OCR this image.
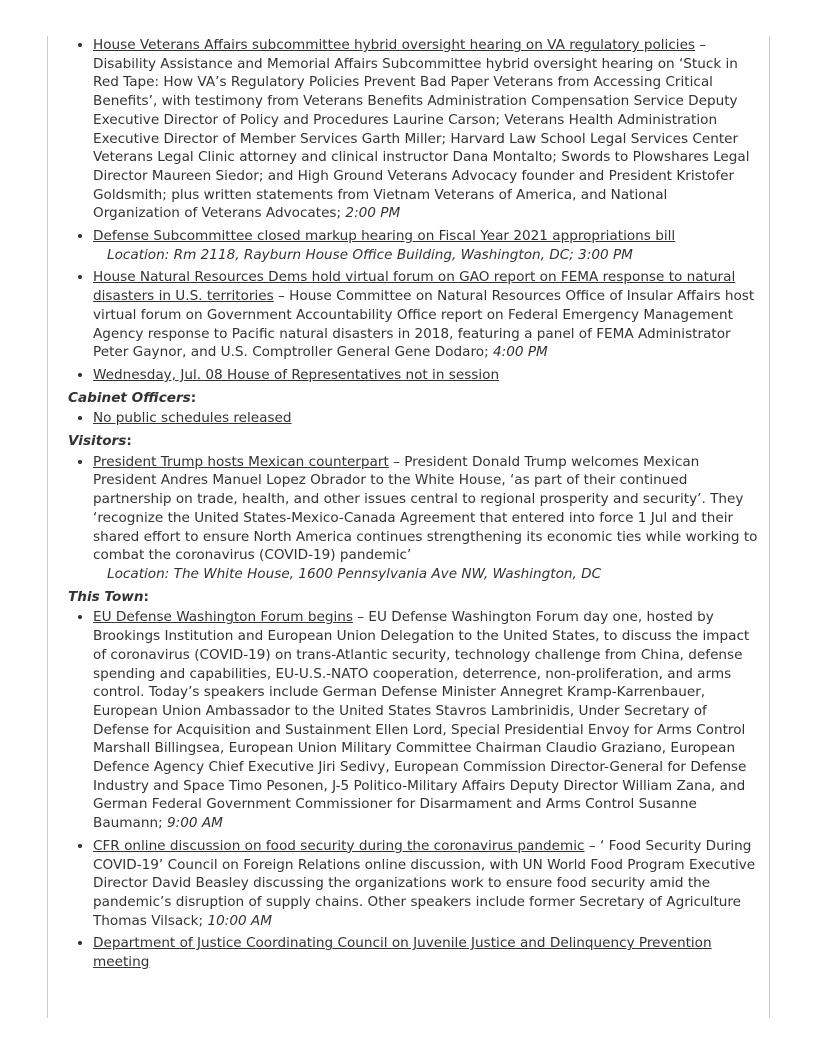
• House Veterans Affairs subcommittee hybrid oversight hearing on VA regulatory policies – Disability Assistance and Memorial Affairs Subcommittee hybrid oversight hearing on ‘Stuck in Red Tape: How VA’s Regulatory Policies Prevent Bad Paper Veterans from Accessing Critical Benefits’, with testimony from Veterans Benefits Administration Compensation Service Deputy Executive Director of Policy and Procedures Laurine Carson; Veterans Health Administration Executive Director of Member Services Garth Miller; Harvard Law School Legal Services Center Veterans Legal Clinic attorney and clinical instructor Dana Montalto; Swords to Plowshares Legal Director Maureen Siedor; and High Ground Veterans Advocacy founder and President Kristofer Goldsmith; plus written statements from Vietnam Veterans of America, and National Organization of Veterans Advocates; 2:00 PM
• Defense Subcommittee closed markup hearing on Fiscal Year 2021 appropriations bill
Location: Rm 2118, Rayburn House Office Building, Washington, DC; 3:00 PM
• House Natural Resources Dems hold virtual forum on GAO report on FEMA response to natural disasters in U.S. territories – House Committee on Natural Resources Office of Insular Affairs host virtual forum on Government Accountability Office report on Federal Emergency Management Agency response to Pacific natural disasters in 2018, featuring a panel of FEMA Administrator Peter Gaynor, and U.S. Comptroller General Gene Dodaro; 4:00 PM
• Wednesday, Jul. 08 House of Representatives not in session
Cabinet Officers:
• No public schedules released
Visitors:
• President Trump hosts Mexican counterpart – President Donald Trump welcomes Mexican President Andres Manuel Lopez Obrador to the White House, ‘as part of their continued partnership on trade, health, and other issues central to regional prosperity and security’. They ‘recognize the United States-Mexico-Canada Agreement that entered into force 1 Jul and their shared effort to ensure North America continues strengthening its economic ties while working to combat the coronavirus (COVID-19) pandemic’
Location: The White House, 1600 Pennsylvania Ave NW, Washington, DC
This Town:
• EU Defense Washington Forum begins – EU Defense Washington Forum day one, hosted by Brookings Institution and European Union Delegation to the United States, to discuss the impact of coronavirus (COVID-19) on trans-Atlantic security, technology challenge from China, defense spending and capabilities, EU-U.S.-NATO cooperation, deterrence, non-proliferation, and arms control. Today’s speakers include German Defense Minister Annegret Kramp-Karrenbauer, European Union Ambassador to the United States Stavros Lambrinidis, Under Secretary of Defense for Acquisition and Sustainment Ellen Lord, Special Presidential Envoy for Arms Control Marshall Billingsea, European Union Military Committee Chairman Claudio Graziano, European Defence Agency Chief Executive Jiri Sedivy, European Commission Director-General for Defense Industry and Space Timo Pesonen, J-5 Politico-Military Affairs Deputy Director William Zana, and German Federal Government Commissioner for Disarmament and Arms Control Susanne Baumann; 9:00 AM
• CFR online discussion on food security during the coronavirus pandemic – ‘ Food Security During COVID-19’ Council on Foreign Relations online discussion, with UN World Food Program Executive Director David Beasley discussing the organizations work to ensure food security amid the pandemic’s disruption of supply chains. Other speakers include former Secretary of Agriculture Thomas Vilsack; 10:00 AM
• Department of Justice Coordinating Council on Juvenile Justice and Delinquency Prevention meeting
